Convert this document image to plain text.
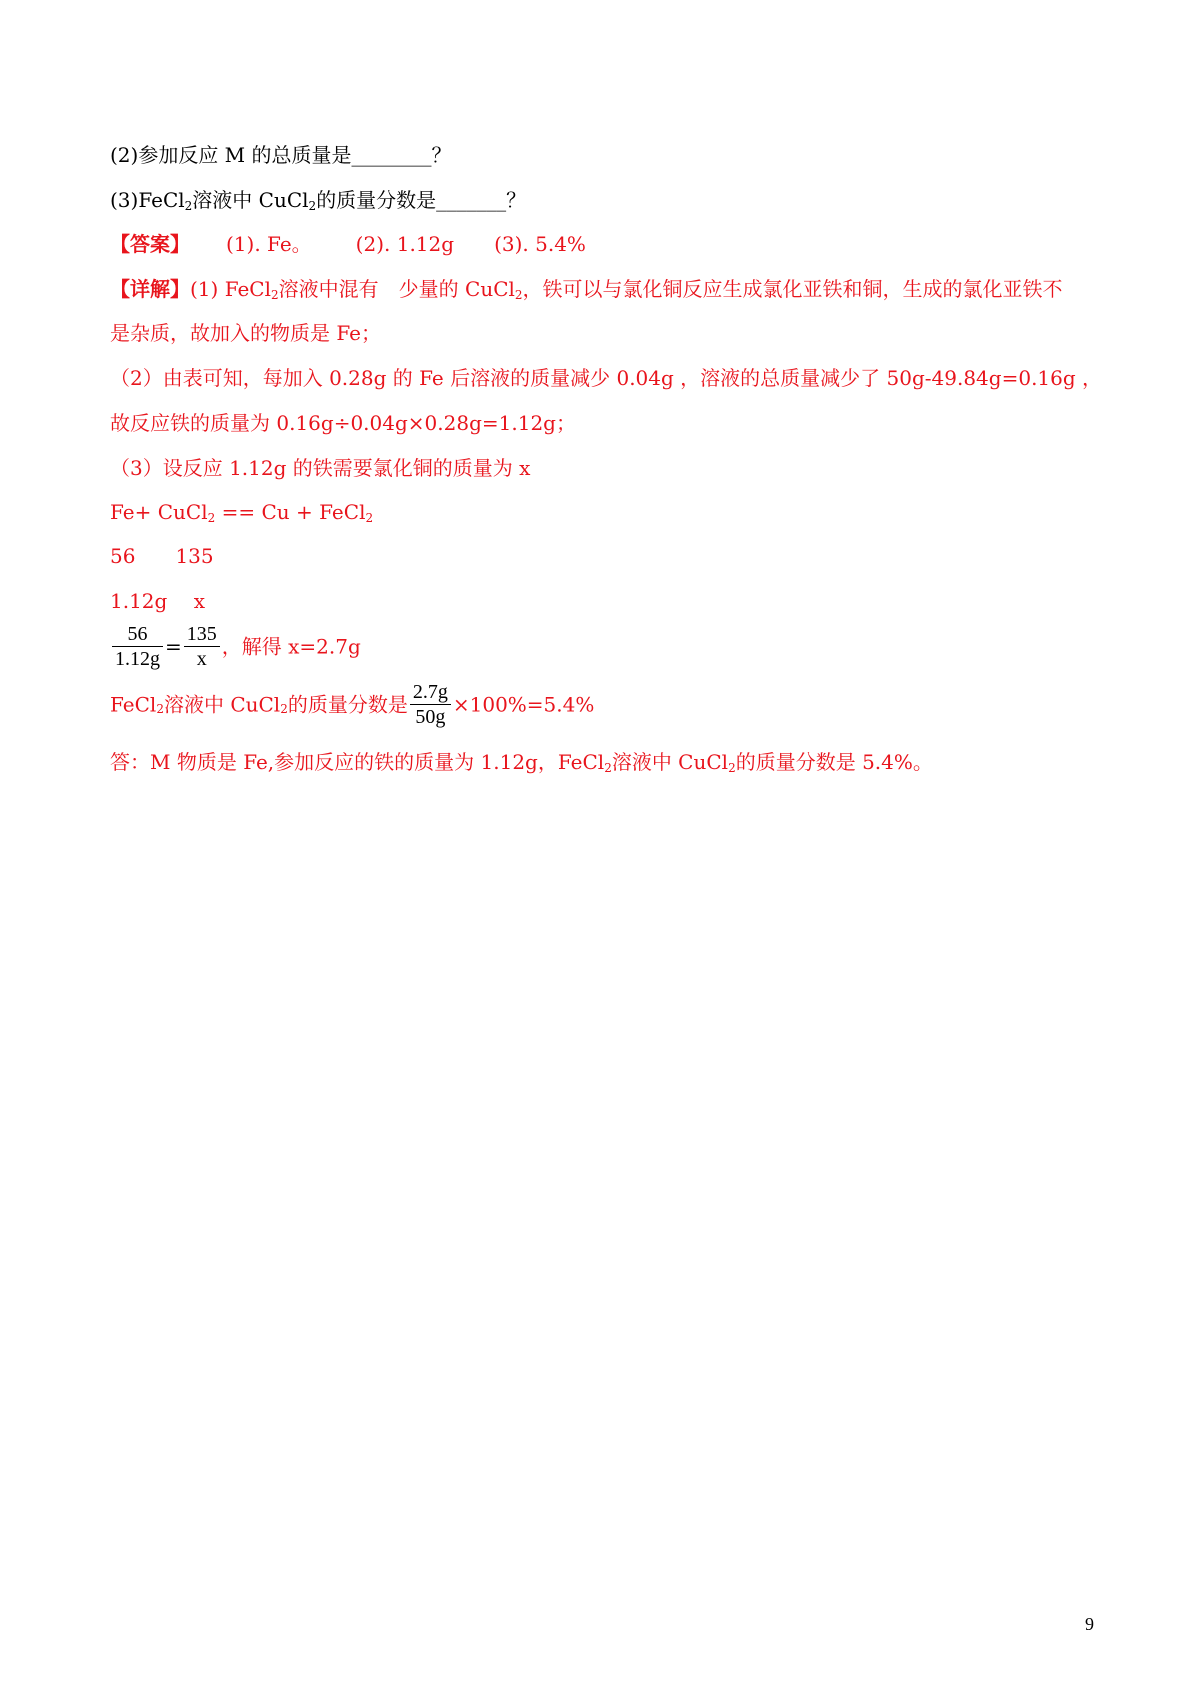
(2)参加反应 M 的总质量是________？
(3)FeCl$_2$溶液中 CuCl$_2$的质量分数是_______？
【答案】 (1). Fe。 (2). 1.12g (3). 5.4%
【详解】(1) FeCl$_2$溶液中混有　少量的 CuCl$_2$，铁可以与氯化铜反应生成氯化亚铁和铜，生成的氯化亚铁不
是杂质，故加入的物质是 Fe；
（2）由表可知，每加入 0.28g 的 Fe 后溶液的质量减少 0.04g ，溶液的总质量减少了 50g-49.84g=0.16g ，
故反应铁的质量为 0.16g÷0.04g×0.28g=1.12g；
（3）设反应 1.12g 的铁需要氯化铜的质量为 x
Fe+ CuCl$_2$ == Cu + FeCl$_2$
56　　135
1.12g　 x
$\frac{56}{1.12g} = \frac{135}{x}$ ，解得 x=2.7g
FeCl$_2$溶液中 CuCl$_2$的质量分数是 $\frac{2.7g}{50g} \times 100\%=5.4\%$
答：M 物质是 Fe,参加反应的铁的质量为 1.12g，FeCl$_2$溶液中 CuCl$_2$的质量分数是 5.4%。
9
